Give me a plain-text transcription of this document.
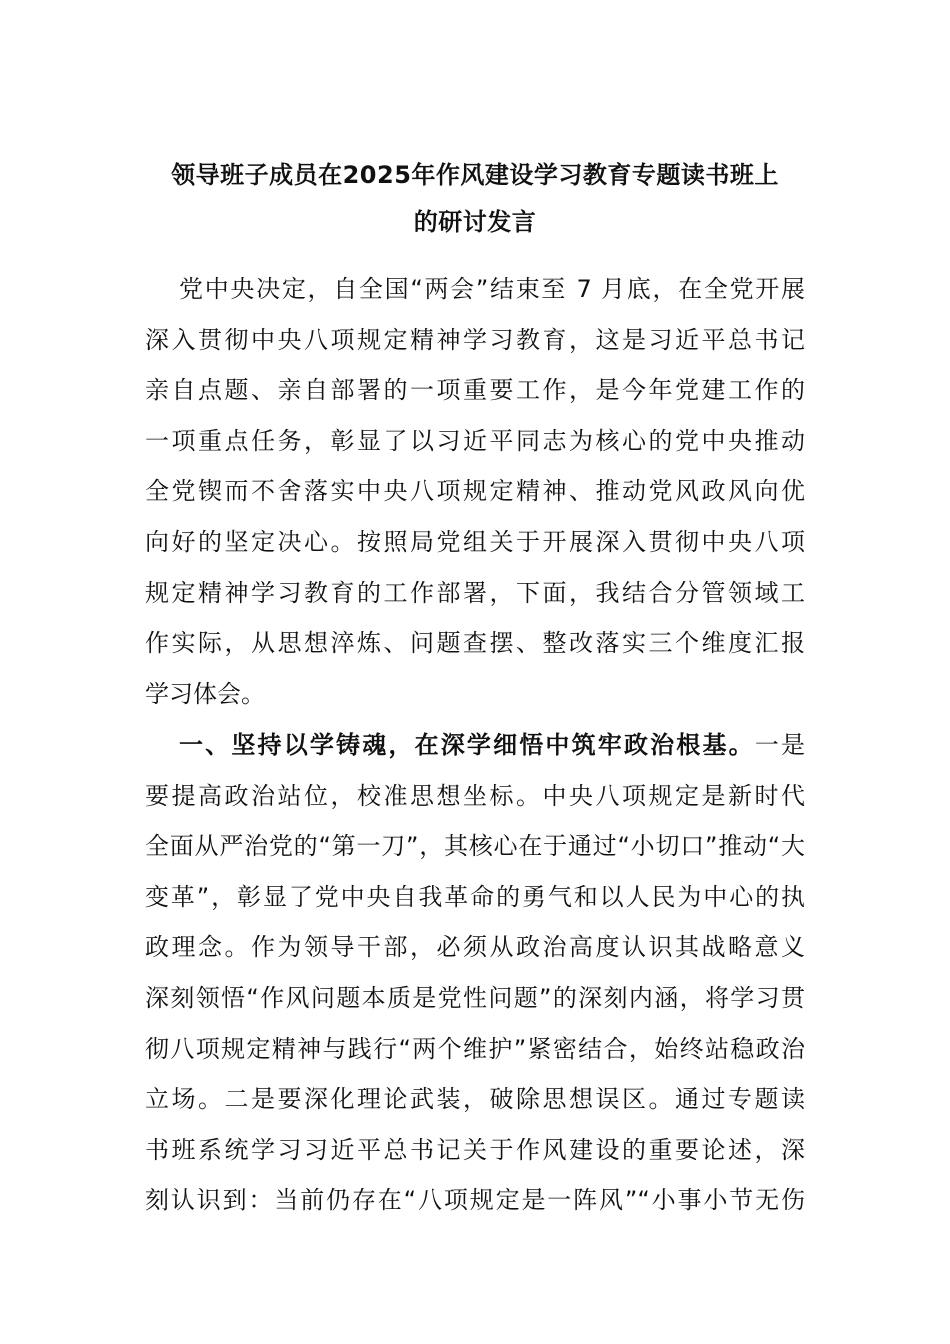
领导班子成员在2025年作风建设学习教育专题读书班上
的研讨发言
党中央决定，自全国“两会”结束至 7 月底，在全党开展
深入贯彻中央八项规定精神学习教育，这是习近平总书记
亲自点题、亲自部署的一项重要工作，是今年党建工作的
一项重点任务，彰显了以习近平同志为核心的党中央推动
全党锲而不舍落实中央八项规定精神、推动党风政风向优
向好的坚定决心。按照局党组关于开展深入贯彻中央八项
规定精神学习教育的工作部署，下面，我结合分管领域工
作实际，从思想淬炼、问题查摆、整改落实三个维度汇报
学习体会。
一、坚持以学铸魂，在深学细悟中筑牢政治根基。一是
要提高政治站位，校准思想坐标。中央八项规定是新时代
全面从严治党的“第一刀”，其核心在于通过“小切口”推动“大
变革”，彰显了党中央自我革命的勇气和以人民为中心的执
政理念。作为领导干部，必须从政治高度认识其战略意义
深刻领悟“作风问题本质是党性问题”的深刻内涵，将学习贯
彻八项规定精神与践行“两个维护”紧密结合，始终站稳政治
立场。二是要深化理论武装，破除思想误区。通过专题读
书班系统学习习近平总书记关于作风建设的重要论述，深
刻认识到：当前仍存在“八项规定是一阵风”“小事小节无伤
